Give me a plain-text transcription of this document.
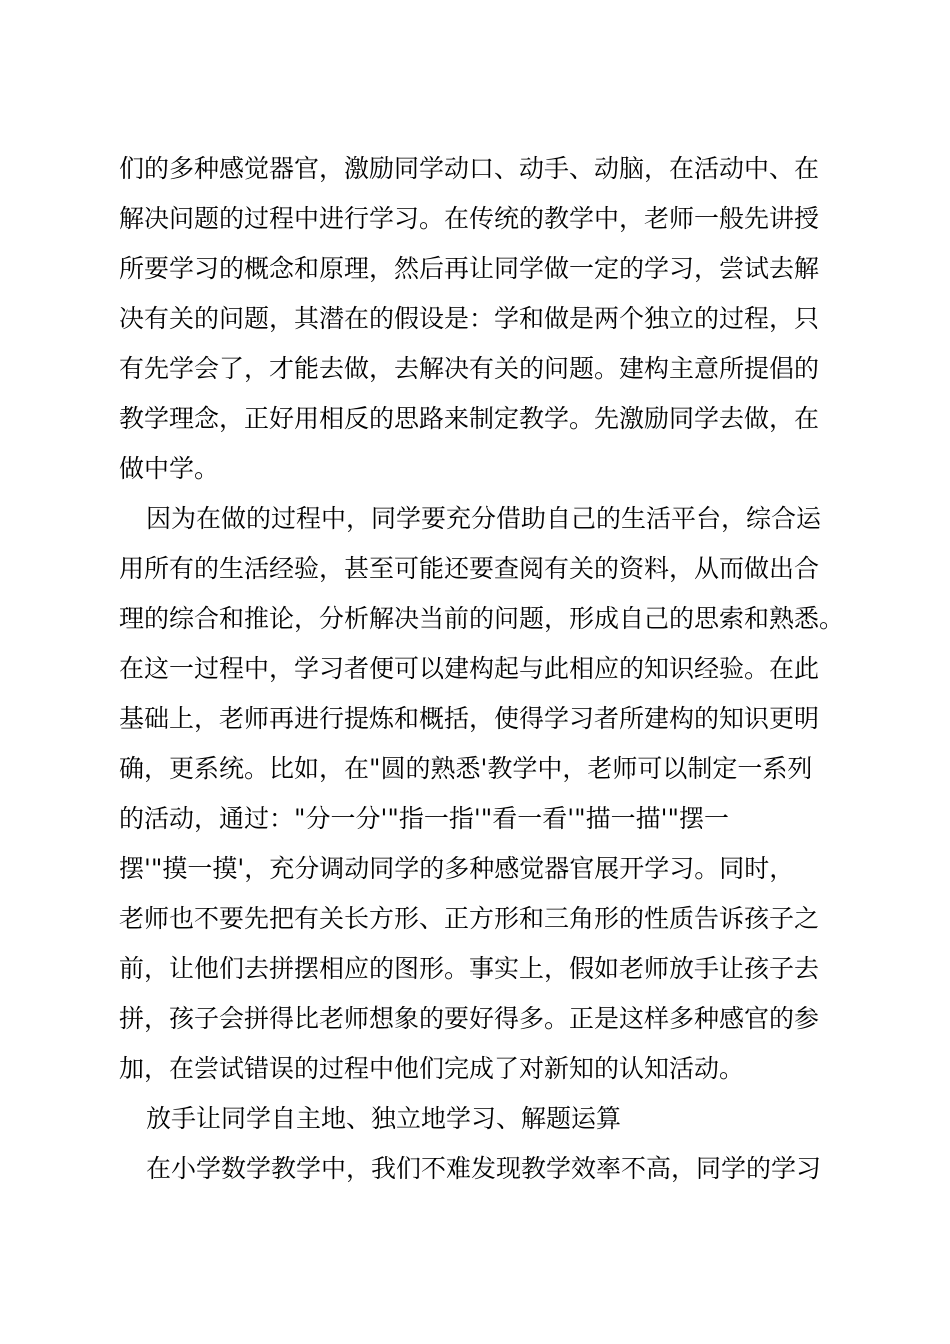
们的多种感觉器官，激励同学动口、动手、动脑，在活动中、在

解决问题的过程中进行学习。在传统的教学中，老师一般先讲授

所要学习的概念和原理，然后再让同学做一定的学习，尝试去解

决有关的问题，其潜在的假设是：学和做是两个独立的过程，只

有先学会了，才能去做，去解决有关的问题。建构主意所提倡的

教学理念，正好用相反的思路来制定教学。先激励同学去做，在

做中学。

因为在做的过程中，同学要充分借助自己的生活平台，综合运

用所有的生活经验，甚至可能还要查阅有关的资料，从而做出合

理的综合和推论，分析解决当前的问题，形成自己的思索和熟悉。

在这一过程中，学习者便可以建构起与此相应的知识经验。在此

基础上，老师再进行提炼和概括，使得学习者所建构的知识更明

确，更系统。比如，在"圆的熟悉'教学中，老师可以制定一系列

的活动，通过："分一分'"指一指'"看一看'"描一描'"摆一

摆'"摸一摸'，充分调动同学的多种感觉器官展开学习。同时，

老师也不要先把有关长方形、正方形和三角形的性质告诉孩子之

前，让他们去拼摆相应的图形。事实上，假如老师放手让孩子去

拼，孩子会拼得比老师想象的要好得多。正是这样多种感官的参

加，在尝试错误的过程中他们完成了对新知的认知活动。

放手让同学自主地、独立地学习、解题运算

在小学数学教学中，我们不难发现教学效率不高，同学的学习
